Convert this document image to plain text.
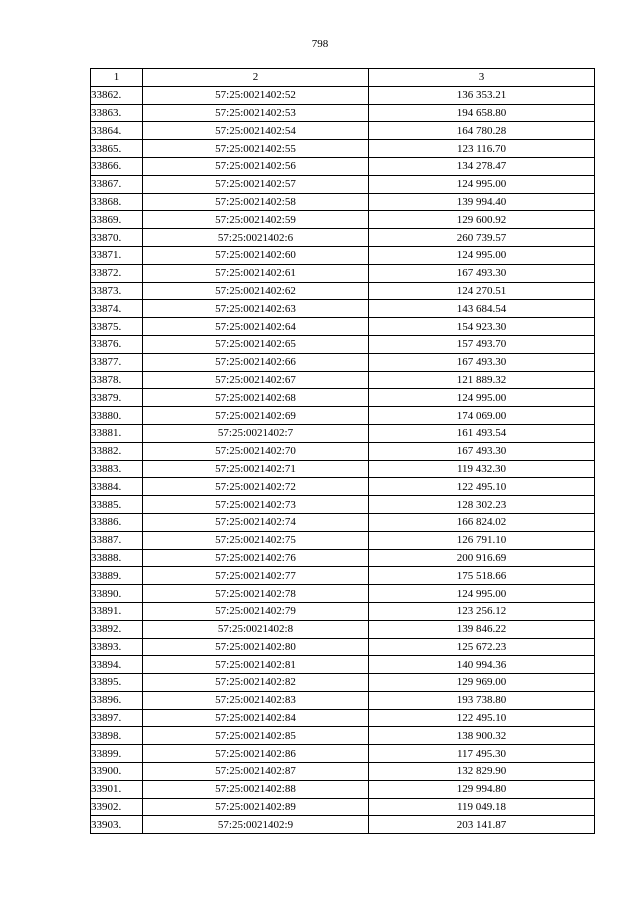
798
1	2	3
33862.	57:25:0021402:52	136 353.21
33863.	57:25:0021402:53	194 658.80
33864.	57:25:0021402:54	164 780.28
33865.	57:25:0021402:55	123 116.70
33866.	57:25:0021402:56	134 278.47
33867.	57:25:0021402:57	124 995.00
33868.	57:25:0021402:58	139 994.40
33869.	57:25:0021402:59	129 600.92
33870.	57:25:0021402:6	260 739.57
33871.	57:25:0021402:60	124 995.00
33872.	57:25:0021402:61	167 493.30
33873.	57:25:0021402:62	124 270.51
33874.	57:25:0021402:63	143 684.54
33875.	57:25:0021402:64	154 923.30
33876.	57:25:0021402:65	157 493.70
33877.	57:25:0021402:66	167 493.30
33878.	57:25:0021402:67	121 889.32
33879.	57:25:0021402:68	124 995.00
33880.	57:25:0021402:69	174 069.00
33881.	57:25:0021402:7	161 493.54
33882.	57:25:0021402:70	167 493.30
33883.	57:25:0021402:71	119 432.30
33884.	57:25:0021402:72	122 495.10
33885.	57:25:0021402:73	128 302.23
33886.	57:25:0021402:74	166 824.02
33887.	57:25:0021402:75	126 791.10
33888.	57:25:0021402:76	200 916.69
33889.	57:25:0021402:77	175 518.66
33890.	57:25:0021402:78	124 995.00
33891.	57:25:0021402:79	123 256.12
33892.	57:25:0021402:8	139 846.22
33893.	57:25:0021402:80	125 672.23
33894.	57:25:0021402:81	140 994.36
33895.	57:25:0021402:82	129 969.00
33896.	57:25:0021402:83	193 738.80
33897.	57:25:0021402:84	122 495.10
33898.	57:25:0021402:85	138 900.32
33899.	57:25:0021402:86	117 495.30
33900.	57:25:0021402:87	132 829.90
33901.	57:25:0021402:88	129 994.80
33902.	57:25:0021402:89	119 049.18
33903.	57:25:0021402:9	203 141.87
